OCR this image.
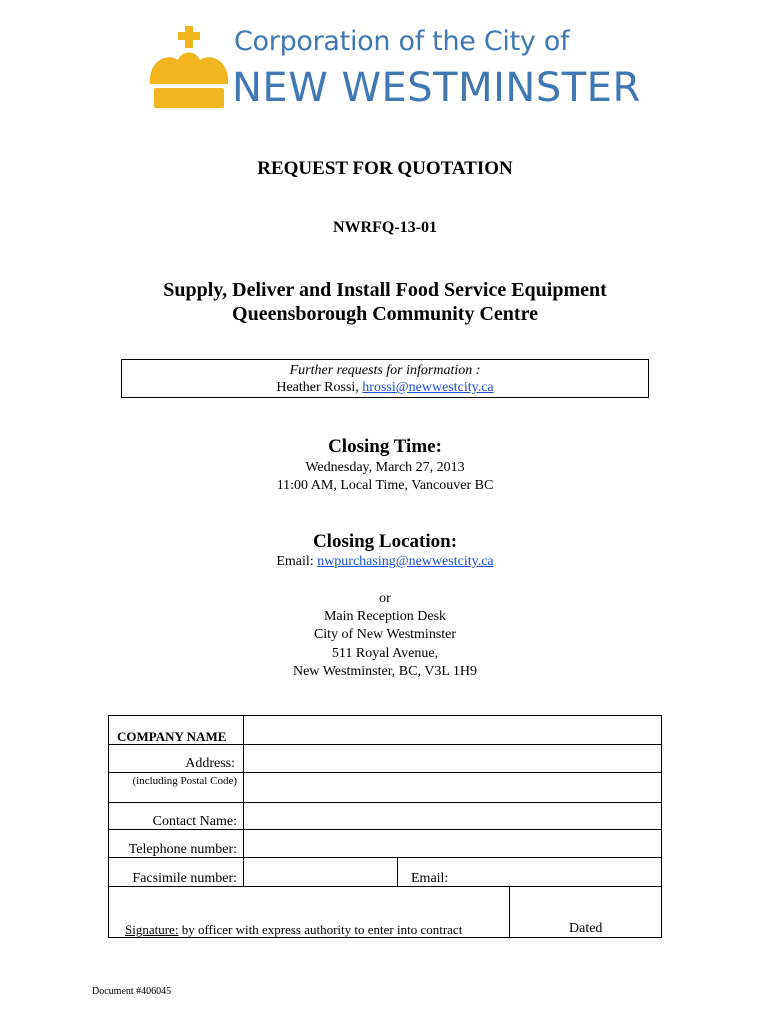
Corporation of the City of
NEW WESTMINSTER
REQUEST FOR QUOTATION
NWRFQ-13-01
Supply, Deliver and Install Food Service Equipment
Queensborough Community Centre
Further requests for information :
Heather Rossi, hrossi@newwestcity.ca
Closing Time:
Wednesday, March 27, 2013
11:00 AM, Local Time, Vancouver BC
Closing Location:
Email: nwpurchasing@newwestcity.ca
or
Main Reception Desk
City of New Westminster
511 Royal Avenue,
New Westminster, BC, V3L 1H9
COMPANY NAME
Address:
(including Postal Code)
Contact Name:
Telephone number:
Facsimile number:	Email:
Signature: by officer with express authority to enter into contract	Dated
Document #406045
